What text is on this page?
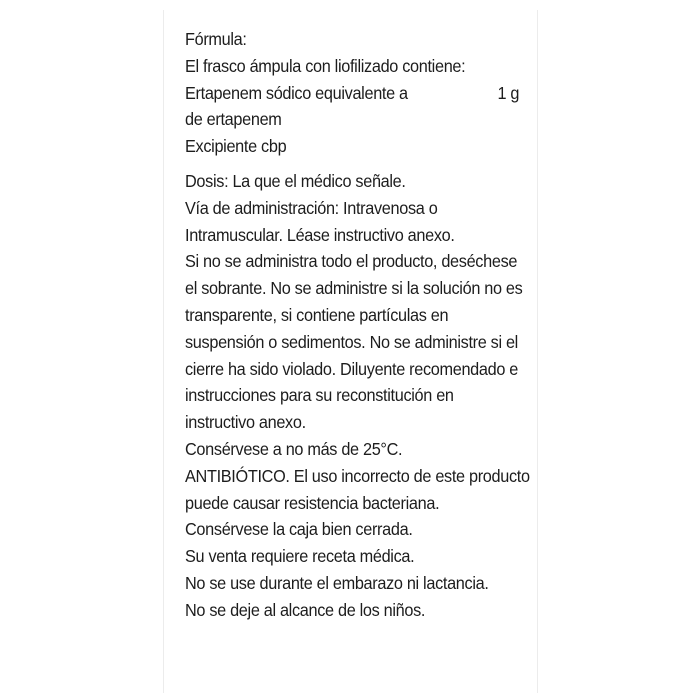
Fórmula:
El frasco ámpula con liofilizado contiene:
Ertapenem sódico equivalente a	1 g
de ertapenem
Excipiente cbp
Dosis: La que el médico señale.
Vía de administración: Intravenosa o
Intramuscular. Léase instructivo anexo.
Si no se administra todo el producto, deséchese
el sobrante. No se administre si la solución no es
transparente, si contiene partículas en
suspensión o sedimentos. No se administre si el
cierre ha sido violado. Diluyente recomendado e
instrucciones para su reconstitución en
instructivo anexo.
Consérvese a no más de 25°C.
ANTIBIÓTICO. El uso incorrecto de este producto
puede causar resistencia bacteriana.
Consérvese la caja bien cerrada.
Su venta requiere receta médica.
No se use durante el embarazo ni lactancia.
No se deje al alcance de los niños.
